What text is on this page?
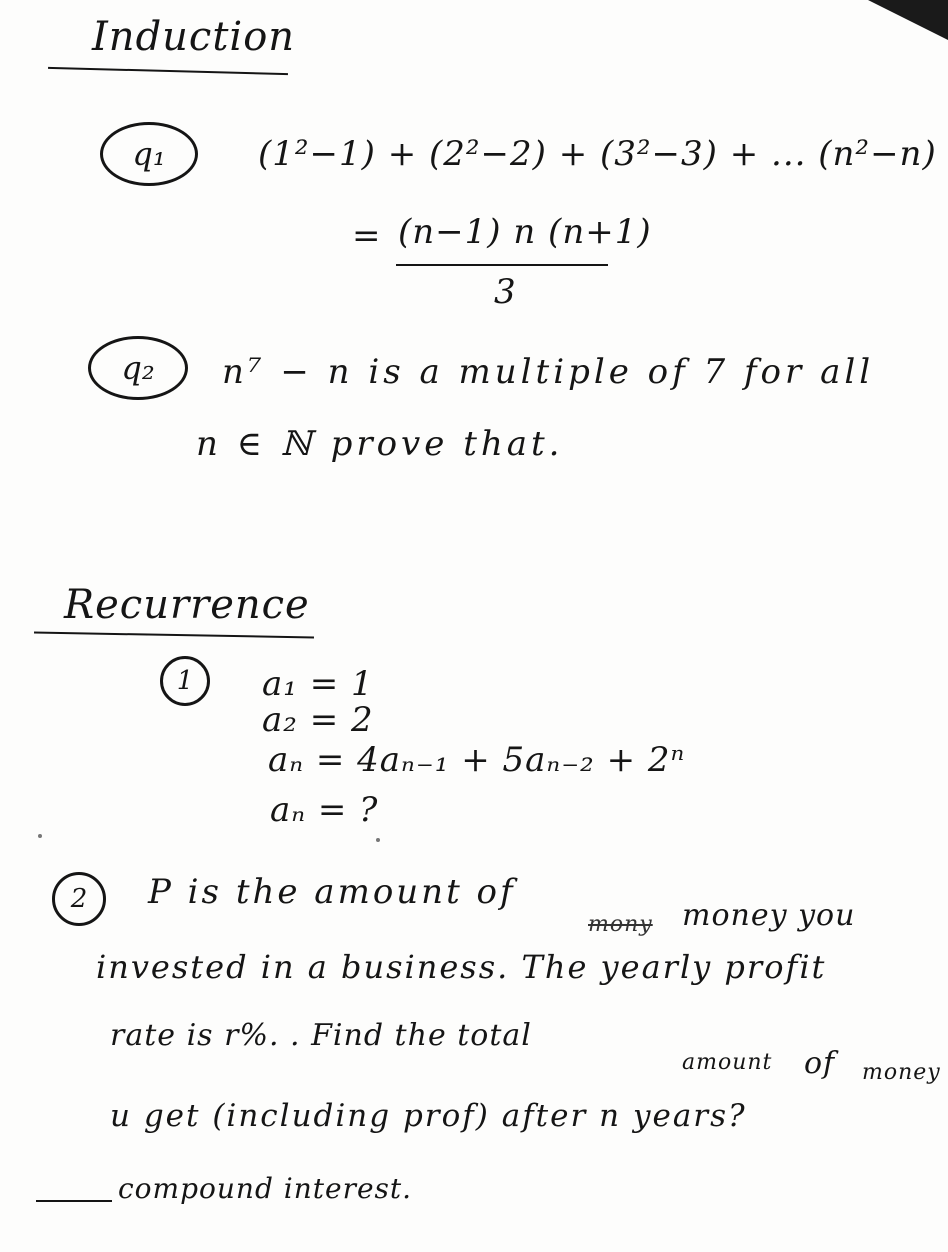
Induction
q₁	(1²−1) + (2²−2) + (3²−3) + ... (n²−n)
= (n−1) n (n+1)
3
q₂ n⁷ − n is a multiple of 7 for all
n ∈ ℕ prove that.
Recurrence
1 a₁ = 1
a₂ = 2
aₙ = 4aₙ₋₁ + 5aₙ₋₂ + 2ⁿ
aₙ = ?
2 P is the amount of
mony money you
invested in a business. The yearly profit
rate is r%. . Find the total
amount of money
u get (including prof) after n years?
compound interest.
